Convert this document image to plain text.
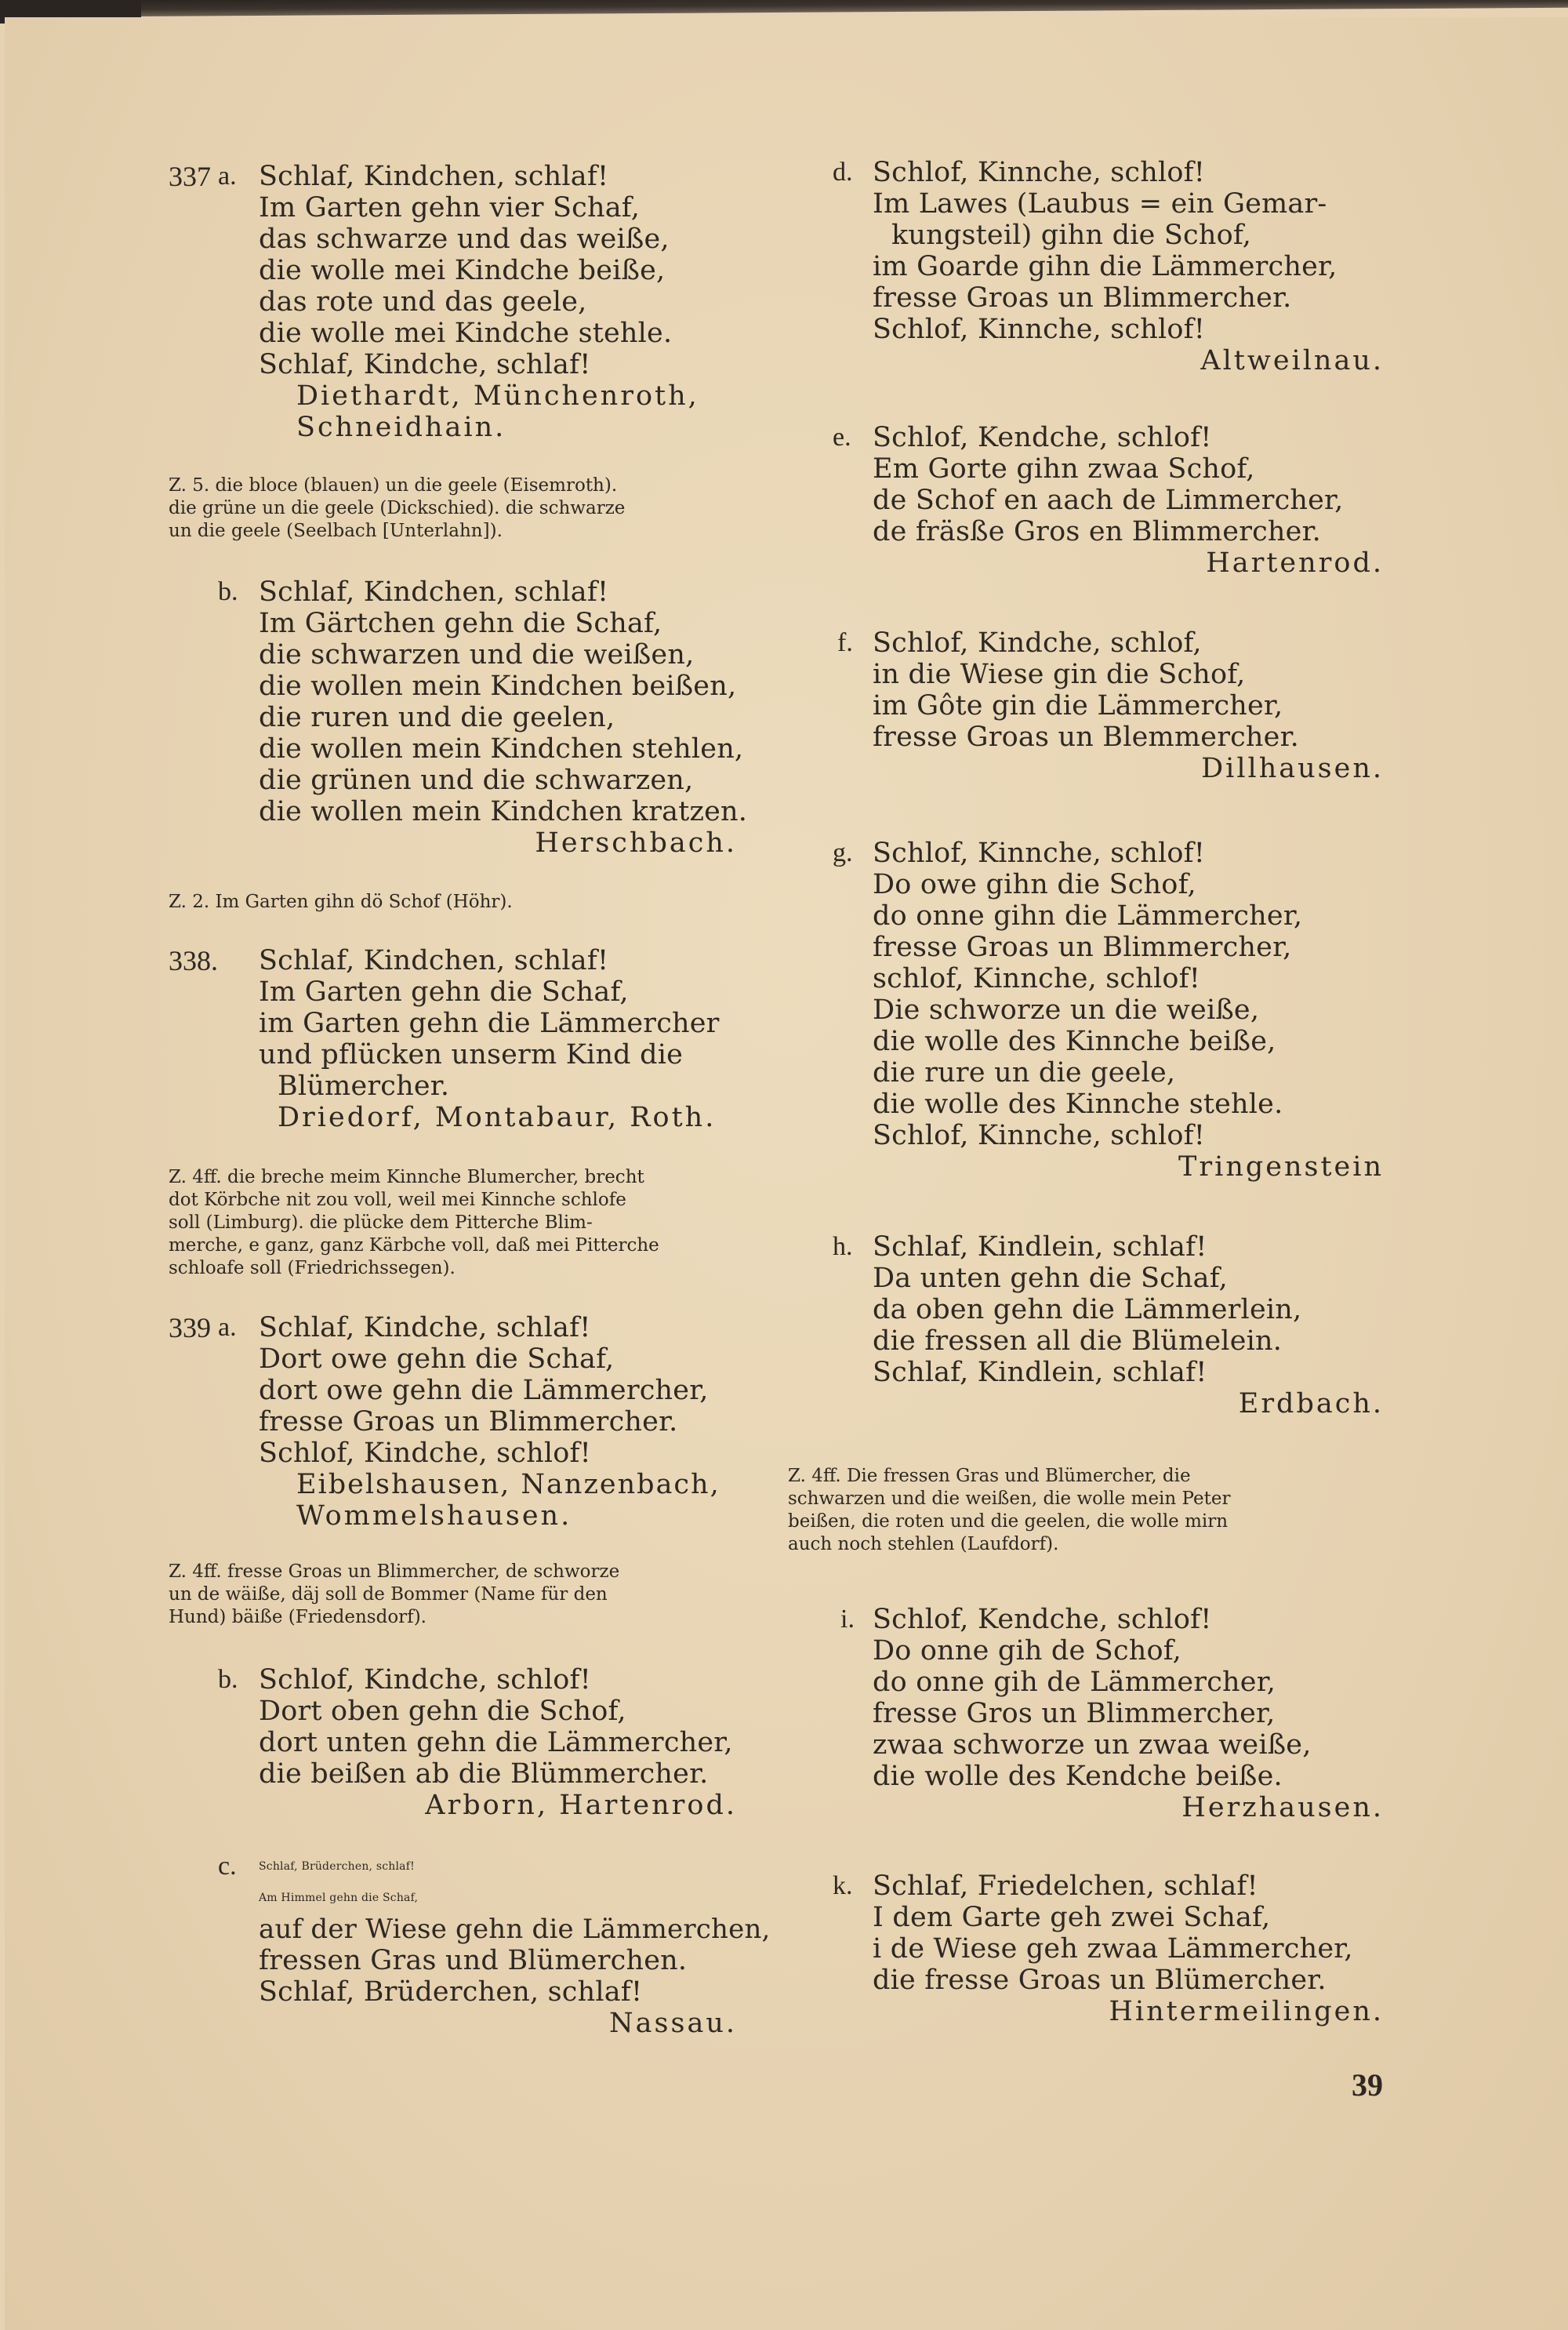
337 a. Schlaf, Kindchen, schlaf!
Im Garten gehn vier Schaf,
das schwarze und das weiße,
die wolle mei Kindche beiße,
das rote und das geele,
die wolle mei Kindche stehle.
Schlaf, Kindche, schlaf!
Diethardt, Münchenroth,
Schneidhain.
Z. 5. die bloce (blauen) un die geele (Eisemroth).
die grüne un die geele (Dickschied). die schwarze
un die geele (Seelbach [Unterlahn]).
b. Schlaf, Kindchen, schlaf!
Im Gärtchen gehn die Schaf,
die schwarzen und die weißen,
die wollen mein Kindchen beißen,
die ruren und die geelen,
die wollen mein Kindchen stehlen,
die grünen und die schwarzen,
die wollen mein Kindchen kratzen.
Herschbach.
Z. 2. Im Garten gihn dö Schof (Höhr).
338. Schlaf, Kindchen, schlaf!
Im Garten gehn die Schaf,
im Garten gehn die Lämmercher
und pflücken unserm Kind die
Blümercher.
Driedorf, Montabaur, Roth.
Z. 4ff. die breche meim Kinnche Blumercher, brecht
dot Körbche nit zou voll, weil mei Kinnche schlofe
soll (Limburg). die plücke dem Pitterche Blim-
merche, e ganz, ganz Kärbche voll, daß mei Pitterche
schloafe soll (Friedrichssegen).
339 a. Schlaf, Kindche, schlaf!
Dort owe gehn die Schaf,
dort owe gehn die Lämmercher,
fresse Groas un Blimmercher.
Schlof, Kindche, schlof!
Eibelshausen, Nanzenbach,
Wommelshausen.
Z. 4ff. fresse Groas un Blimmercher, de schworze
un de wäiße, däj soll de Bommer (Name für den
Hund) bäiße (Friedensdorf).
b. Schlof, Kindche, schlof!
Dort oben gehn die Schof,
dort unten gehn die Lämmercher,
die beißen ab die Blümmercher.
Arborn, Hartenrod.
c. Schlaf, Brüderchen, schlaf!
Am Himmel gehn die Schaf,
auf der Wiese gehn die Lämmerchen,
fressen Gras und Blümerchen.
Schlaf, Brüderchen, schlaf!
Nassau.
d. Schlof, Kinnche, schlof!
Im Lawes (Laubus = ein Gemar-
kungsteil) gihn die Schof,
im Goarde gihn die Lämmercher,
fresse Groas un Blimmercher.
Schlof, Kinnche, schlof!
Altweilnau.
e. Schlof, Kendche, schlof!
Em Gorte gihn zwaa Schof,
de Schof en aach de Limmercher,
de fräsße Gros en Blimmercher.
Hartenrod.
f. Schlof, Kindche, schlof,
in die Wiese gin die Schof,
im Gôte gin die Lämmercher,
fresse Groas un Blemmercher.
Dillhausen.
g. Schlof, Kinnche, schlof!
Do owe gihn die Schof,
do onne gihn die Lämmercher,
fresse Groas un Blimmercher,
schlof, Kinnche, schlof!
Die schworze un die weiße,
die wolle des Kinnche beiße,
die rure un die geele,
die wolle des Kinnche stehle.
Schlof, Kinnche, schlof!
Tringenstein
h. Schlaf, Kindlein, schlaf!
Da unten gehn die Schaf,
da oben gehn die Lämmerlein,
die fressen all die Blümelein.
Schlaf, Kindlein, schlaf!
Erdbach.
Z. 4ff. Die fressen Gras und Blümercher, die
schwarzen und die weißen, die wolle mein Peter
beißen, die roten und die geelen, die wolle mirn
auch noch stehlen (Laufdorf).
i. Schlof, Kendche, schlof!
Do onne gih de Schof,
do onne gih de Lämmercher,
fresse Gros un Blimmercher,
zwaa schworze un zwaa weiße,
die wolle des Kendche beiße.
Herzhausen.
k. Schlaf, Friedelchen, schlaf!
I dem Garte geh zwei Schaf,
i de Wiese geh zwaa Lämmercher,
die fresse Groas un Blümercher.
Hintermeilingen.
39
